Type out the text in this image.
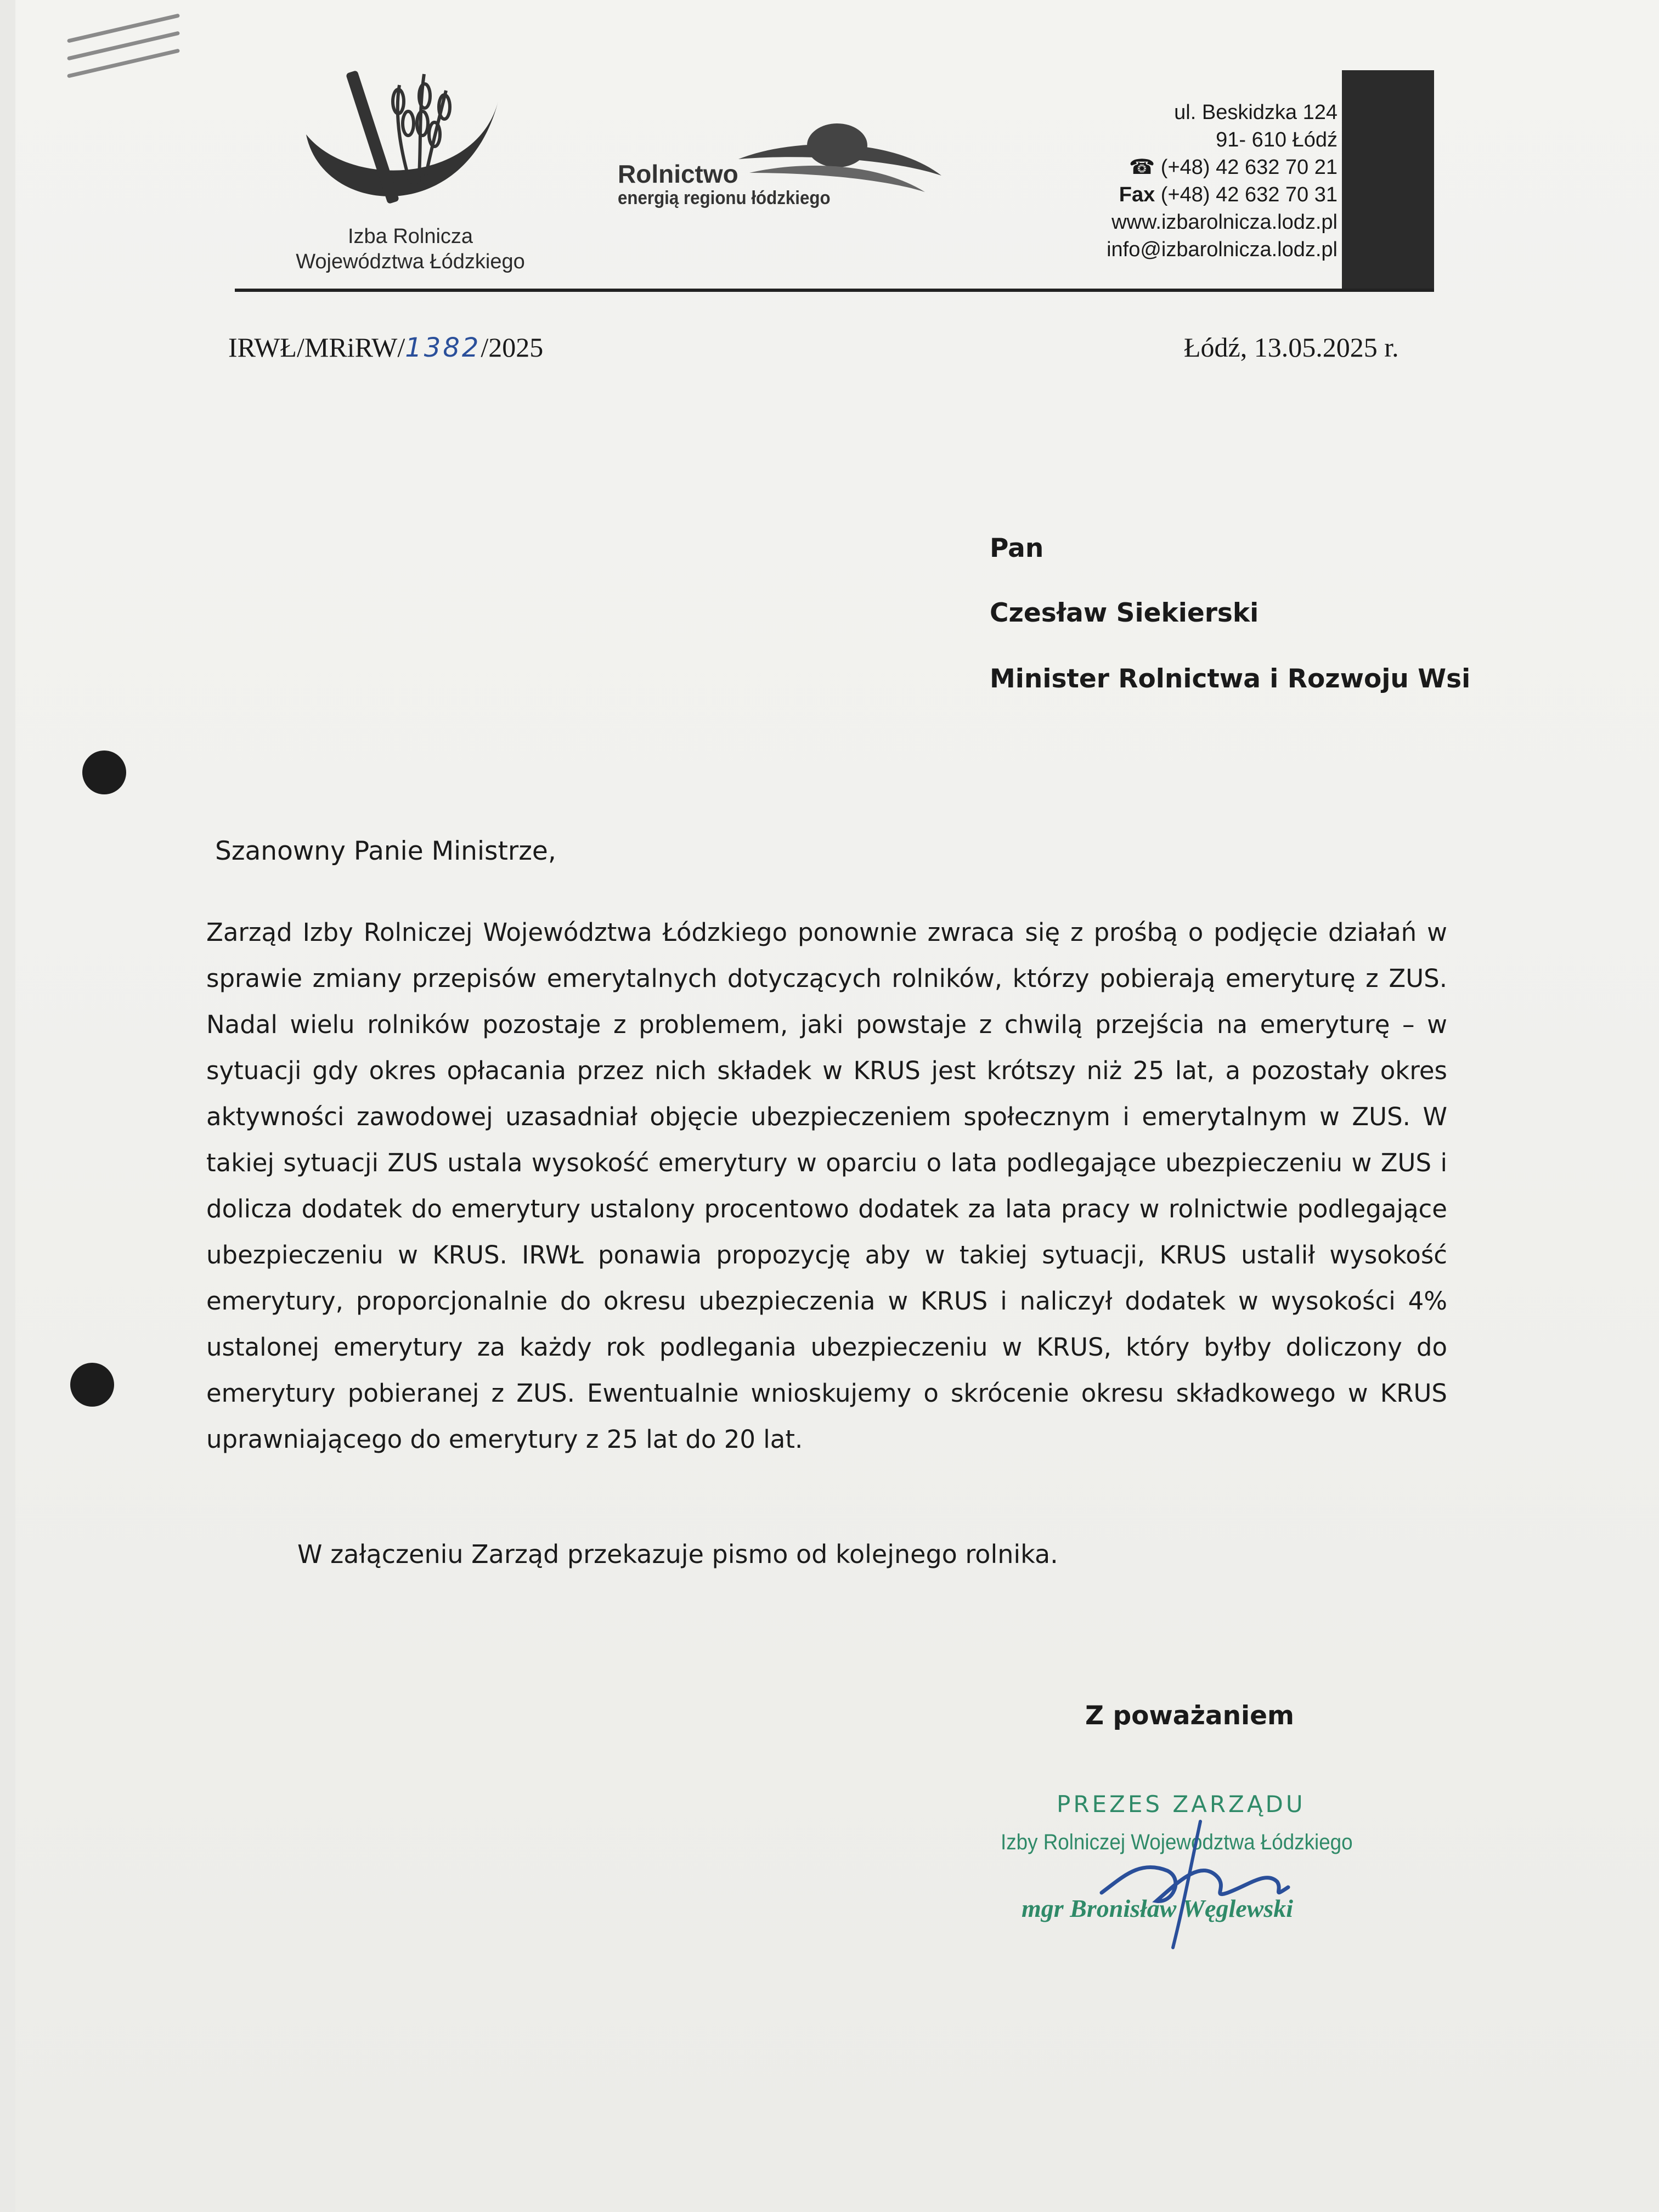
Izba Rolnicza
Województwa Łódzkiego
Rolnictwo
energią regionu łódzkiego
ul. Beskidzka 124
91- 610 Łódź
☎ (+48) 42 632 70 21
Fax (+48) 42 632 70 31
www.izbarolnicza.lodz.pl
info@izbarolnicza.lodz.pl
IRWŁ/MRiRW/1382/2025	Łódź, 13.05.2025 r.
Pan
Czesław Siekierski
Minister Rolnictwa i Rozwoju Wsi
Szanowny Panie Ministrze,

Zarząd Izby Rolniczej Województwa Łódzkiego ponownie zwraca się z prośbą o podjęcie działań w sprawie zmiany przepisów emerytalnych dotyczących rolników, którzy pobierają emeryturę z ZUS. Nadal wielu rolników pozostaje z problemem, jaki powstaje z chwilą przejścia na emeryturę – w sytuacji gdy okres opłacania przez nich składek w KRUS jest krótszy niż 25 lat, a pozostały okres aktywności zawodowej uzasadniał objęcie ubezpieczeniem społecznym i emerytalnym w ZUS. W takiej sytuacji ZUS ustala wysokość emerytury w oparciu o lata podlegające ubezpieczeniu w ZUS i dolicza dodatek do emerytury ustalony procentowo dodatek za lata pracy w rolnictwie podlegające ubezpieczeniu w KRUS. IRWŁ ponawia propozycję aby w takiej sytuacji, KRUS ustalił wysokość emerytury, proporcjonalnie do okresu ubezpieczenia w KRUS i naliczył dodatek w wysokości 4% ustalonej emerytury za każdy rok podlegania ubezpieczeniu w KRUS, który byłby doliczony do emerytury pobieranej z ZUS. Ewentualnie wnioskujemy o skrócenie okresu składkowego w KRUS uprawniającego do emerytury z 25 lat do 20 lat.

W załączeniu Zarząd przekazuje pismo od kolejnego rolnika.
Z poważaniem
PREZES ZARZĄDU
Izby Rolniczej Województwa Łódzkiego
mgr Bronisław Węglewski
